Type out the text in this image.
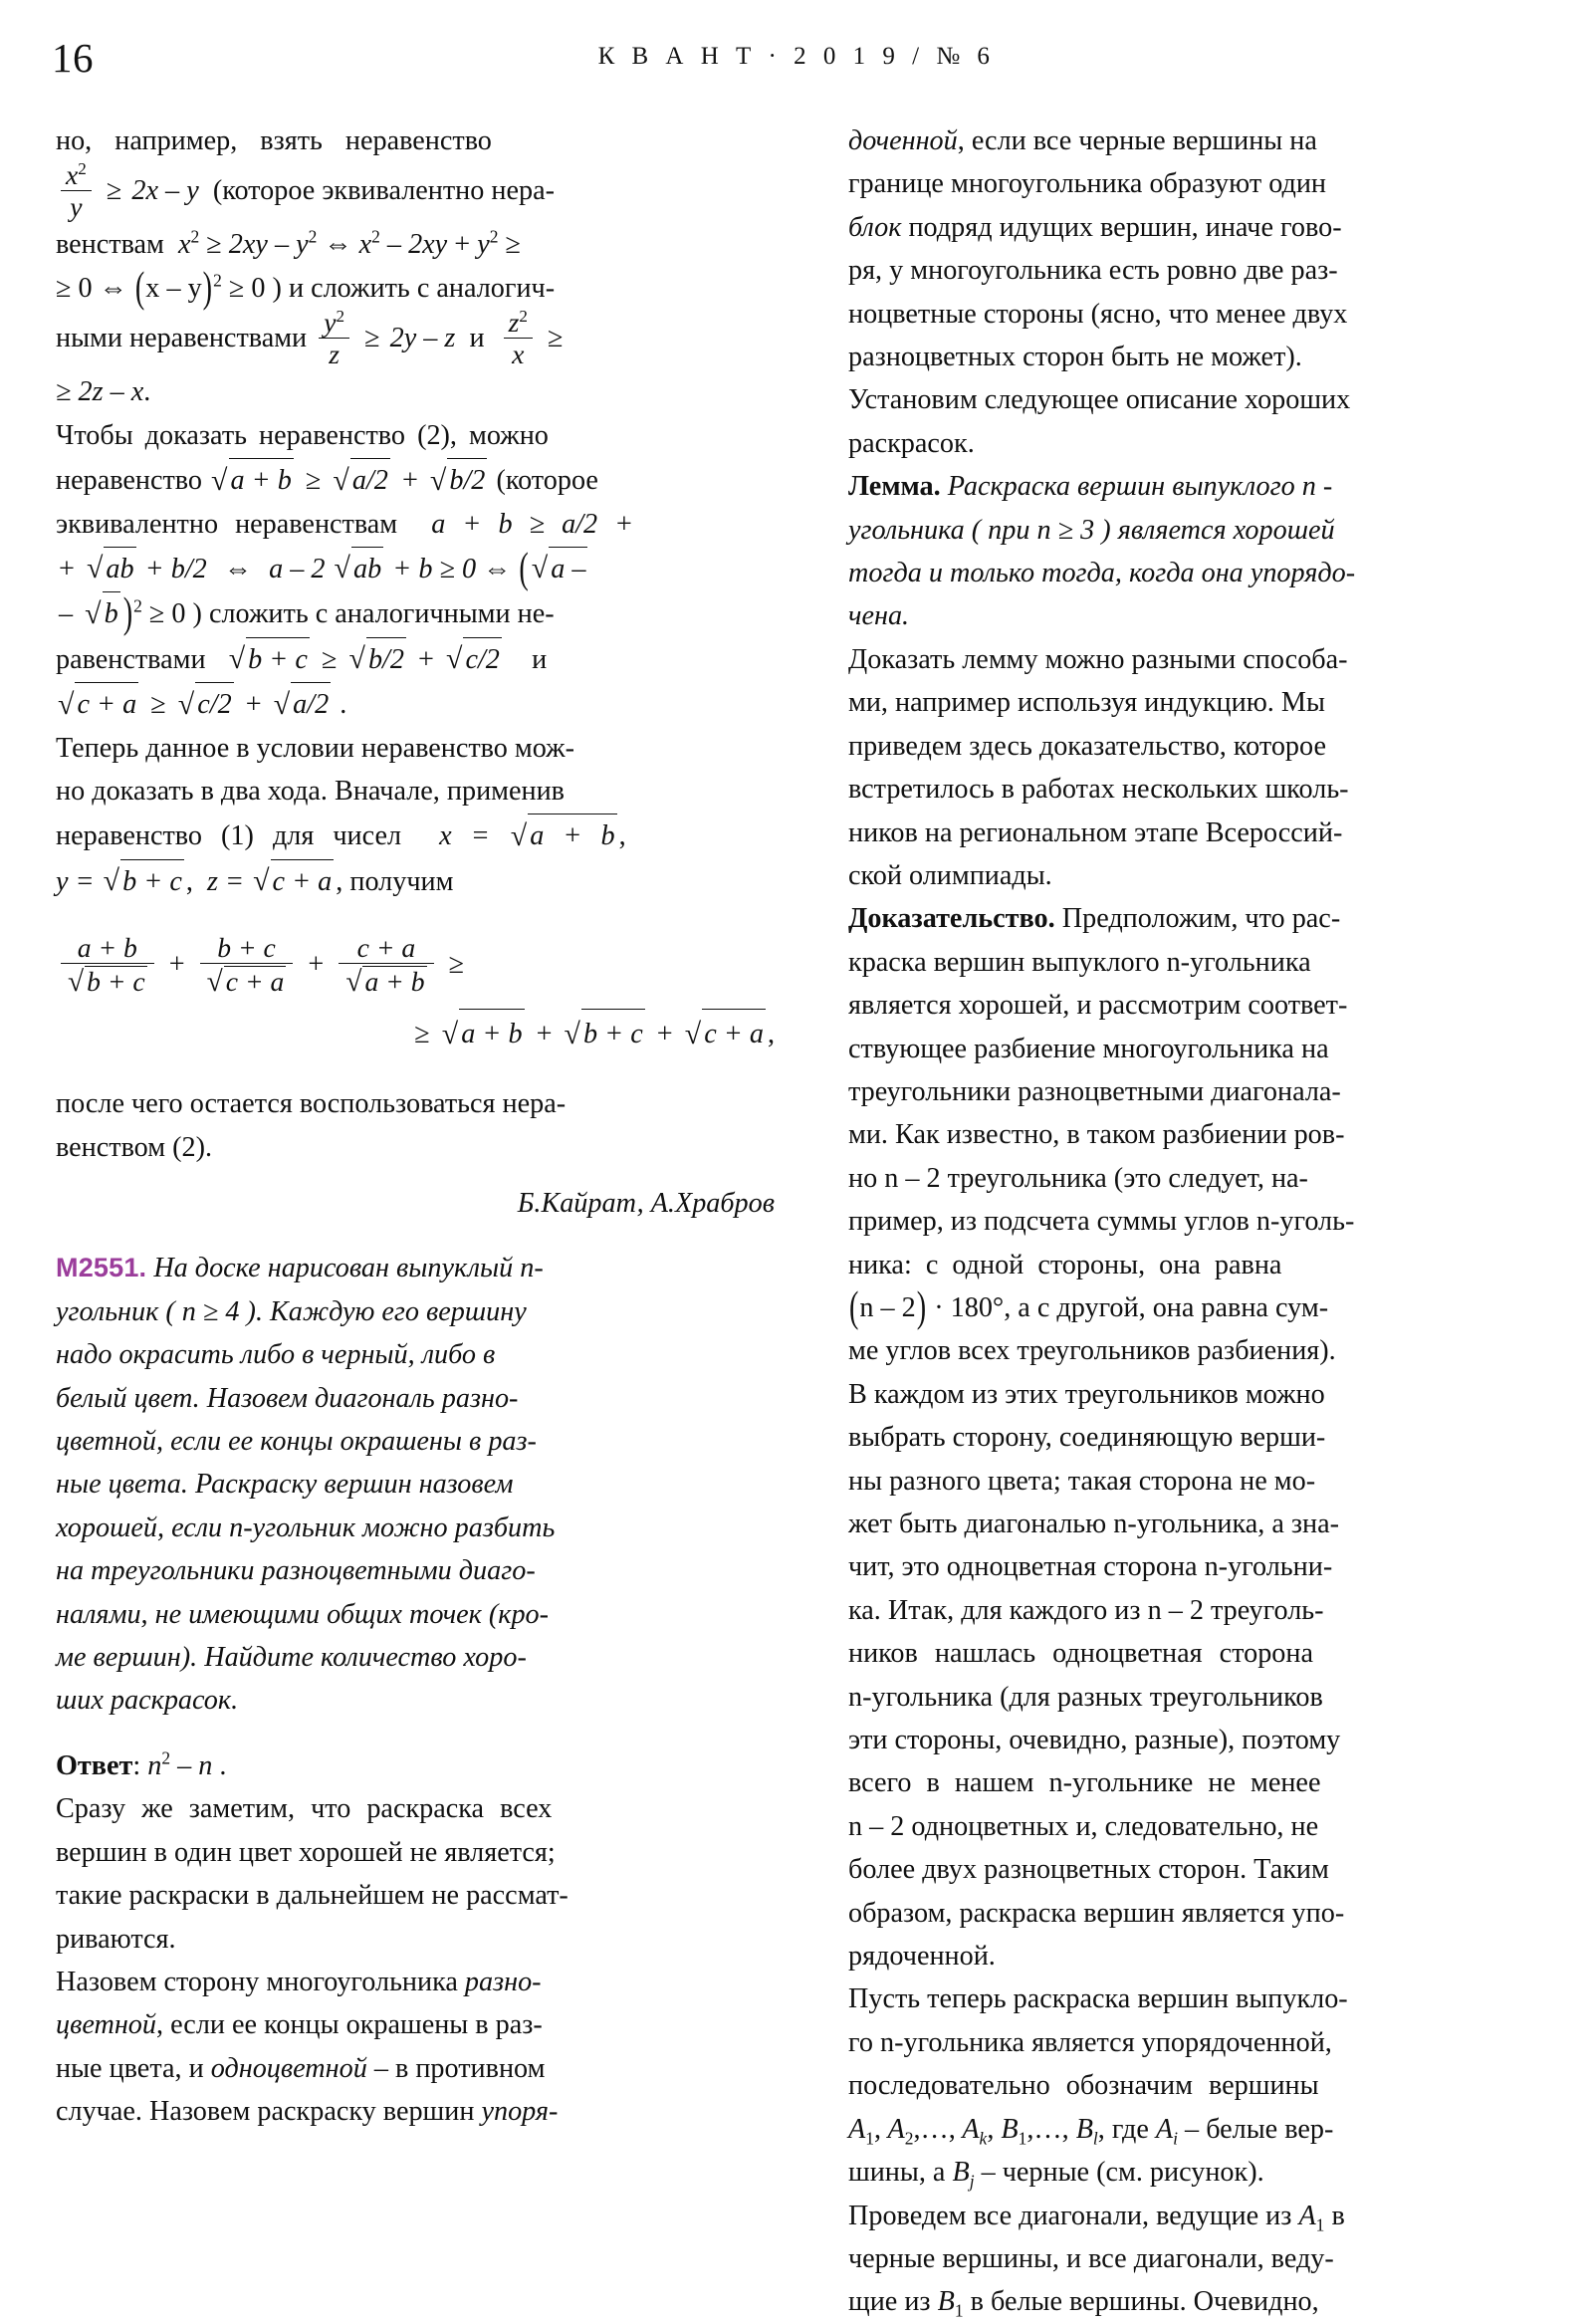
16	К В А Н Т · 2 0 1 9 / № 6

но, например, взять неравенство

$\frac{x^2}{y} \ge 2x - y$ (которое эквивалентно нера-

венствам $x^2 \ge 2xy - y^2$ ⇔ $x^2 - 2xy + y^2$ ≥

≥ 0 ⇔ (x – y)$^2$ ≥ 0 ) и сложить с аналогич-

ными неравенствами $\frac{y^2}{z} \ge 2y - z$ и $\frac{z^2}{x}$ ≥

≥ 2z – x.

Чтобы доказать неравенство (2), можно

неравенство √ a + b ≥ √ a/2 + √ b/2 (которое

эквивалентно неравенствам a + b ≥ a/2 +

+ √ ab + b/2 ⇔ a – 2 √ ab + b ≥ 0 ⇔ ( √ a –

– √ b )$^2$ ≥ 0 ) сложить с аналогичными не-

равенствами √ b + c ≥ √ b/2 + √ c/2 и

√ c + a ≥ √ c/2 + √ a/2 .

Теперь данное в условии неравенство мож-

но доказать в два хода. Вначале, применив

неравенство (1) для чисел x = √ a + b ,

y = √ b + c , z = √ c + a , получим

$\frac{a + b}{√ b + c} + \frac{b + c}{√ c + a} + \frac{c + a}{√ a + b}$ ≥
≥ √ a + b + √ b + c + √ c + a ,

после чего остается воспользоваться нера-

венством (2).

Б.Кайрат, А.Храбров

M2551. На доске нарисован выпуклый n-

угольник ( n ≥ 4 ). Каждую его вершину

надо окрасить либо в черный, либо в

белый цвет. Назовем диагональ разно-

цветной, если ее концы окрашены в раз-

ные цвета. Раскраску вершин назовем

хорошей, если n-угольник можно разбить

на треугольники разноцветными диаго-

налями, не имеющими общих точек (кро-

ме вершин). Найдите количество хоро-

ших раскрасок.

Ответ: $n^2$ – n .

Сразу же заметим, что раскраска всех

вершин в один цвет хорошей не является;

такие раскраски в дальнейшем не рассмат-

риваются.

Назовем сторону многоугольника разно-

цветной, если ее концы окрашены в раз-

ные цвета, и одноцветной – в противном

случае. Назовем раскраску вершин упоря-

доченной, если все черные вершины на

границе многоугольника образуют один

блок подряд идущих вершин, иначе гово-

ря, у многоугольника есть ровно две раз-

ноцветные стороны (ясно, что менее двух

разноцветных сторон быть не может).

Установим следующее описание хороших

раскрасок.

Лемма. Раскраска вершин выпуклого n -

угольника ( при n ≥ 3 ) является хорошей

тогда и только тогда, когда она упорядо-

чена.

Доказать лемму можно разными способа-

ми, например используя индукцию. Мы

приведем здесь доказательство, которое

встретилось в работах нескольких школь-

ников на региональном этапе Всероссий-

ской олимпиады.

Доказательство. Предположим, что рас-

краска вершин выпуклого n-угольника

является хорошей, и рассмотрим соответ-

ствующее разбиение многоугольника на

треугольники разноцветными диагонала-

ми. Как известно, в таком разбиении ров-

но n – 2 треугольника (это следует, на-

пример, из подсчета суммы углов n-уголь-

ника: с одной стороны, она равна

(n – 2) · 180°, а с другой, она равна сум-

ме углов всех треугольников разбиения).

В каждом из этих треугольников можно

выбрать сторону, соединяющую верши-

ны разного цвета; такая сторона не мо-

жет быть диагональю n-угольника, а зна-

чит, это одноцветная сторона n-угольни-

ка. Итак, для каждого из n – 2 треуголь-

ников нашлась одноцветная сторона

n-угольника (для разных треугольников

эти стороны, очевидно, разные), поэтому

всего в нашем n-угольнике не менее

n – 2 одноцветных и, следовательно, не

более двух разноцветных сторон. Таким

образом, раскраска вершин является упо-

рядоченной.

Пусть теперь раскраска вершин выпукло-

го n-угольника является упорядоченной,

последовательно обозначим вершины

$A_1$, $A_2,\dots$, $A_k$, $B_1,\dots$, $B_l$, где $A_i$ – белые вер-

шины, а $B_j$ – черные (см. рисунок).

Проведем все диагонали, ведущие из $A_1$ в

черные вершины, и все диагонали, веду-

щие из $B_1$ в белые вершины. Очевидно,
